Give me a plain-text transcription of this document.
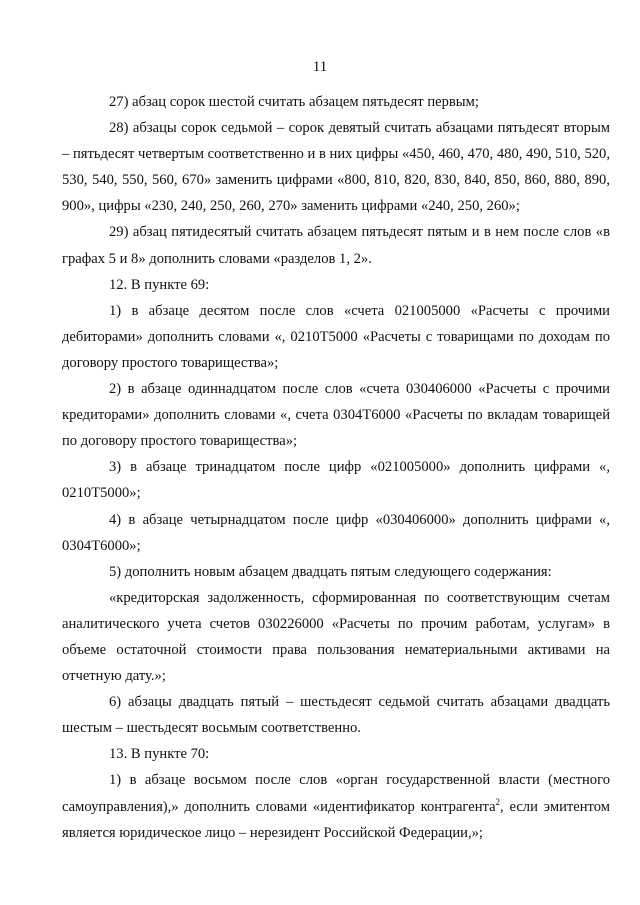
11

27) абзац сорок шестой считать абзацем пятьдесят первым;

28) абзацы сорок седьмой – сорок девятый считать абзацами пятьдесят вторым – пятьдесят четвертым соответственно и в них цифры «450, 460, 470, 480, 490, 510, 520, 530, 540, 550, 560, 670» заменить цифрами «800, 810, 820, 830, 840, 850, 860, 880, 890, 900», цифры «230, 240, 250, 260, 270» заменить цифрами «240, 250, 260»;

29) абзац пятидесятый считать абзацем пятьдесят пятым и в нем после слов «в графах 5 и 8» дополнить словами «разделов 1, 2».

12. В пункте 69:

1) в абзаце десятом после слов «счета 021005000 «Расчеты с прочими дебиторами» дополнить словами «, 0210Т5000 «Расчеты с товарищами по доходам по договору простого товарищества»;

2) в абзаце одиннадцатом после слов «счета 030406000 «Расчеты с прочими кредиторами» дополнить словами «, счета 0304Т6000 «Расчеты по вкладам товарищей по договору простого товарищества»;

3) в абзаце тринадцатом после цифр «021005000» дополнить цифрами «, 0210Т5000»;

4) в абзаце четырнадцатом после цифр «030406000» дополнить цифрами «, 0304Т6000»;

5) дополнить новым абзацем двадцать пятым следующего содержания:

«кредиторская задолженность, сформированная по соответствующим счетам аналитического учета счетов 030226000 «Расчеты по прочим работам, услугам» в объеме остаточной стоимости права пользования нематериальными активами на отчетную дату.»;

6) абзацы двадцать пятый – шестьдесят седьмой считать абзацами двадцать шестым – шестьдесят восьмым соответственно.

13. В пункте 70:

1) в абзаце восьмом после слов «орган государственной власти (местного самоуправления),» дополнить словами «идентификатор контрагента$^2$, если эмитентом является юридическое лицо – нерезидент Российской Федерации,»;
